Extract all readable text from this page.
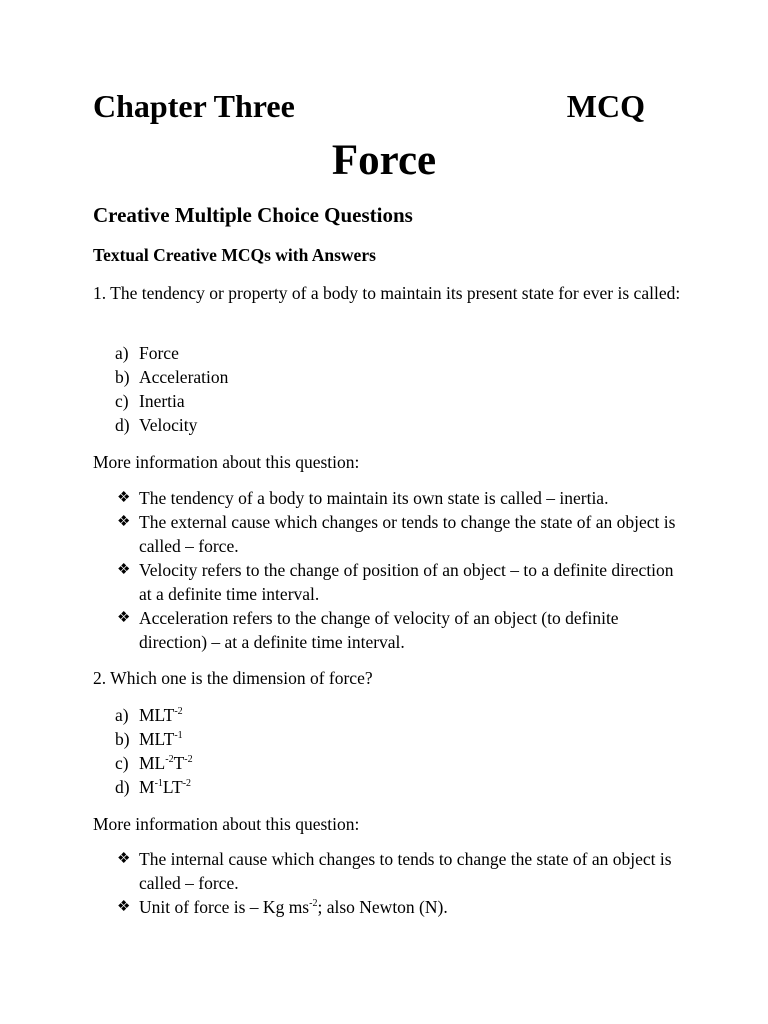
Chapter Three	MCQ
Force
Creative Multiple Choice Questions
Textual Creative MCQs with Answers

1. The tendency or property of a body to maintain its present state for ever is called:

a) Force
b) Acceleration
c) Inertia
d) Velocity
More information about this question:
❖ The tendency of a body to maintain its own state is called – inertia.
❖ The external cause which changes or tends to change the state of an object is called – force.
❖ Velocity refers to the change of position of an object – to a definite direction at a definite time interval.
❖ Acceleration refers to the change of velocity of an object (to definite direction) – at a definite time interval.

2. Which one is the dimension of force?

a) $MLT^{-2}$
b) $MLT^{-1}$
c) $ML^{-2}T^{-2}$
d) $M^{-1}LT^{-2}$
More information about this question:
❖ The internal cause which changes to tends to change the state of an object is called – force.
❖ Unit of force is – Kg $ms^{-2}$; also Newton (N).
